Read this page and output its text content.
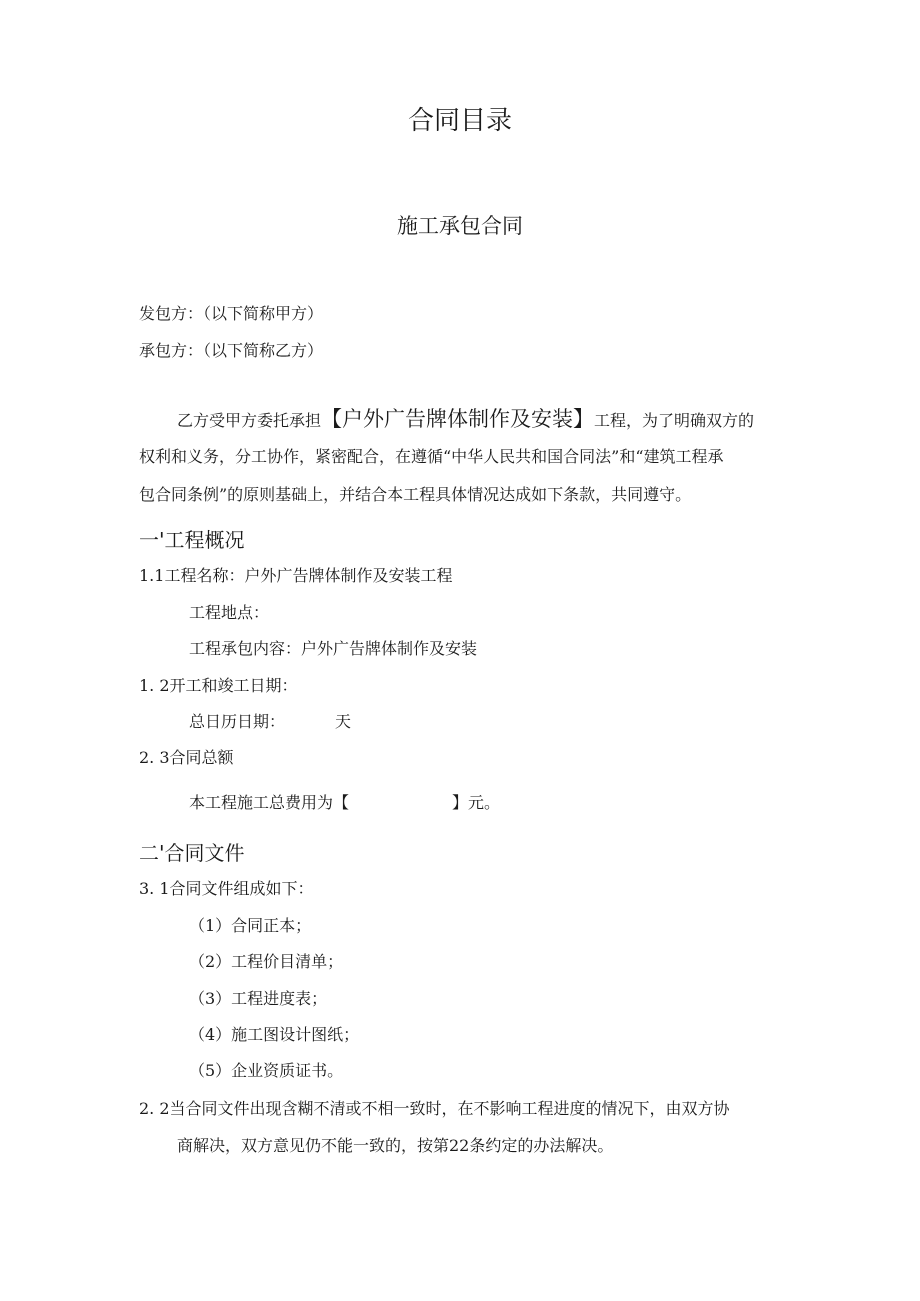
合同目录
施工承包合同
发包方：（以下简称甲方）
承包方：（以下简称乙方）
乙方受甲方委托承担【户外广告牌体制作及安装】工程，为了明确双方的
权利和义务，分工协作，紧密配合，在遵循“中华人民共和国合同法”和“建筑工程承
包合同条例”的原则基础上，并结合本工程具体情况达成如下条款，共同遵守。
一'工程概况
1.1工程名称：户外广告牌体制作及安装工程
工程地点：
工程承包内容：户外广告牌体制作及安装
1. 2开工和竣工日期：
总日历日期：	天
2. 3合同总额
本工程施工总费用为【	】元。
二'合同文件
3. 1合同文件组成如下：
（1）合同正本；
（2）工程价目清单；
（3）工程进度表；
（4）施工图设计图纸；
（5）企业资质证书。
2. 2当合同文件出现含糊不清或不相一致时，在不影响工程进度的情况下，由双方协
商解决，双方意见仍不能一致的，按第22条约定的办法解决。
